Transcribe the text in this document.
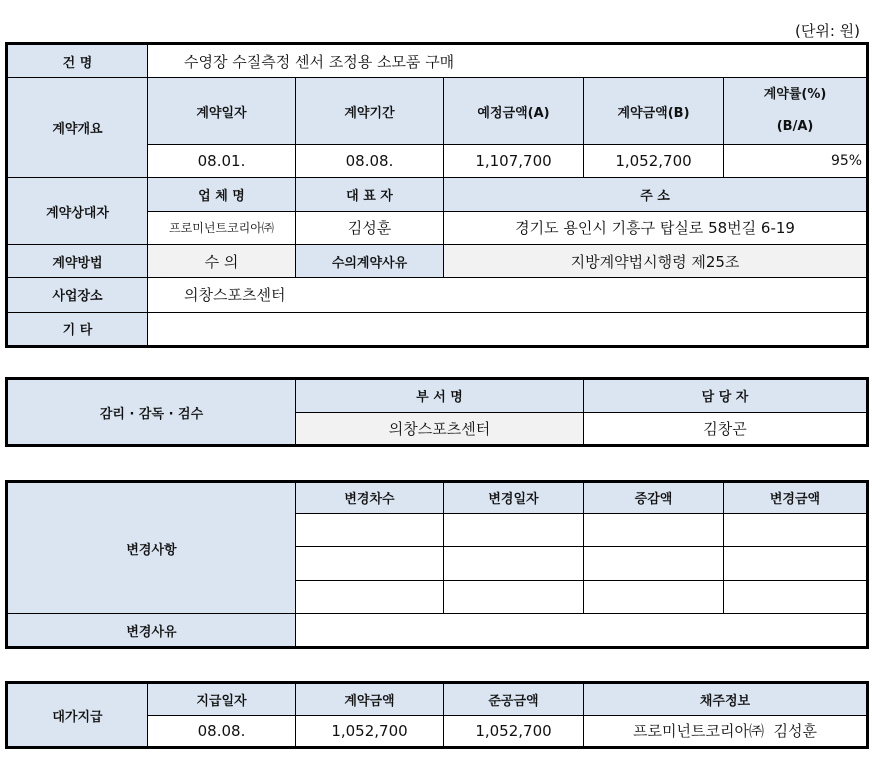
(단위: 원)
건 명	수영장 수질측정 센서 조정용 소모품 구매				
계약개요	계약일자	계약기간	예정금액(A)	계약금액(B)	계약률(%)
(B/A)

	08.01.	08.08.	1,107,700	1,052,700	95%
계약상대자	업 체 명	대 표 자	주 소		
	프로미넌트코리아㈜	김성훈	경기도 용인시 기흥구 탑실로 58번길 6-19		
계약방법	수 의	수의계약사유	지방계약법시행령 제25조		
사업장소	의창스포츠센터				
기 타					
감리 · 감독 · 검수	부 서 명	담 당 자
	의창스포츠센터	김창곤
변경사항	변경차수	변경일자	증감액	변경금액

변경사유				
대가지급	지급일자	계약금액	준공금액	채주정보
	08.08.	1,052,700	1,052,700	프로미넌트코리아㈜  김성훈
